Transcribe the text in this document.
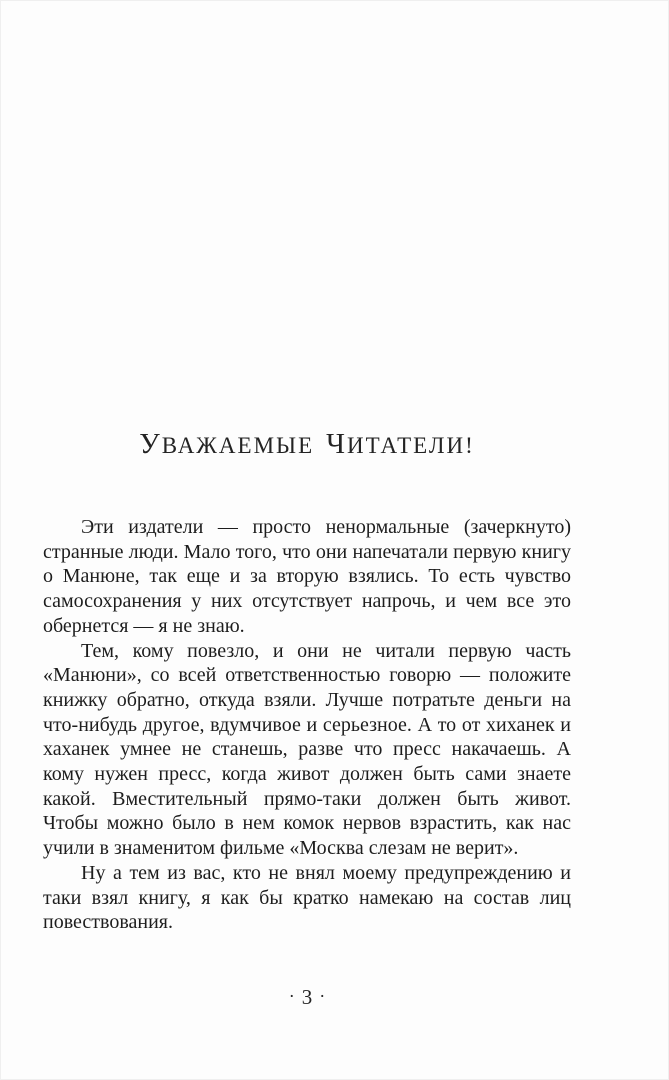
УВАЖАЕМЫЕ ЧИТАТЕЛИ!

Эти издатели — просто ненормальные (зачеркнуто) странные люди. Мало того, что они напечатали первую книгу о Манюне, так еще и за вторую взялись. То есть чувство самосохранения у них отсутствует напрочь, и чем все это обернется — я не знаю.

Тем, кому повезло, и они не читали первую часть «Манюни», со всей ответственностью говорю — положите книжку обратно, откуда взяли. Лучше потратьте деньги на что-нибудь другое, вдумчивое и серьезное. А то от хиханек и хаханек умнее не станешь, разве что пресс накачаешь. А кому нужен пресс, когда живот должен быть сами знаете какой. Вместительный прямо-таки должен быть живот. Чтобы можно было в нем комок нервов взрастить, как нас учили в знаменитом фильме «Москва слезам не верит».

Ну а тем из вас, кто не внял моему предупреждению и таки взял книгу, я как бы кратко намекаю на состав лиц повествования.

· 3 ·
